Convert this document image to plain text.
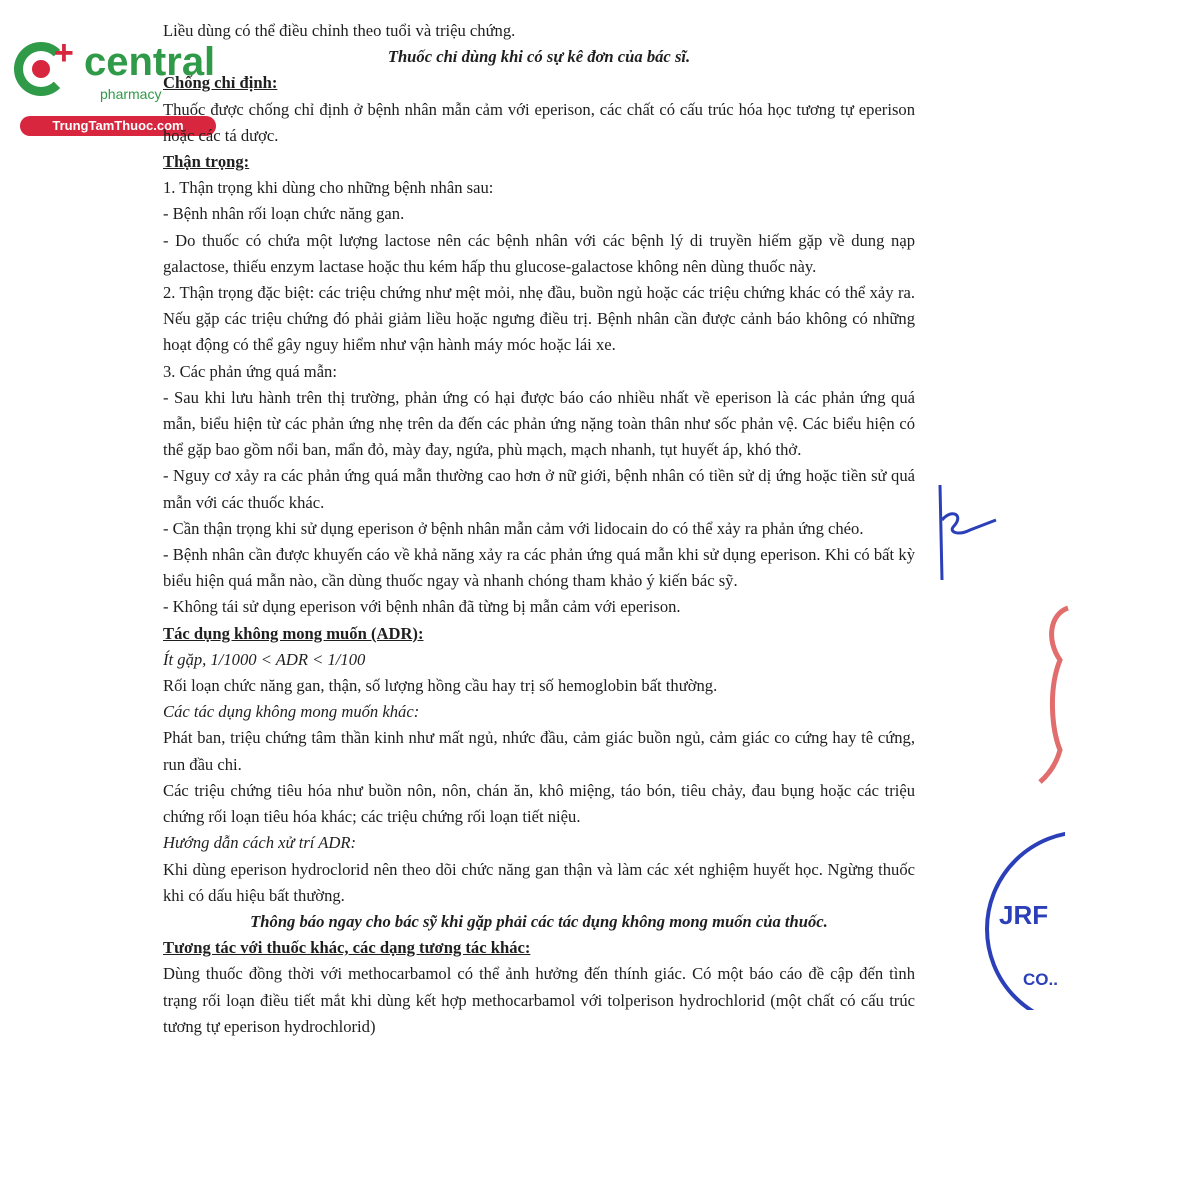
+ central
pharmacy
TrungTamThuoc.com
JRF
CO..

Liều dùng có thể điều chỉnh theo tuổi và triệu chứng.

Thuốc chỉ dùng khi có sự kê đơn của bác sĩ.

Chống chỉ định:

Thuốc được chống chỉ định ở bệnh nhân mẫn cảm với eperison, các chất có cấu trúc hóa học tương tự eperison hoặc các tá dược.

Thận trọng:

1. Thận trọng khi dùng cho những bệnh nhân sau:

- Bệnh nhân rối loạn chức năng gan.

- Do thuốc có chứa một lượng lactose nên các bệnh nhân với các bệnh lý di truyền hiếm gặp về dung nạp galactose, thiếu enzym lactase hoặc thu kém hấp thu glucose-galactose không nên dùng thuốc này.

2. Thận trọng đặc biệt: các triệu chứng như mệt mỏi, nhẹ đầu, buồn ngủ hoặc các triệu chứng khác có thể xảy ra. Nếu gặp các triệu chứng đó phải giảm liều hoặc ngưng điều trị. Bệnh nhân cần được cảnh báo không có những hoạt động có thể gây nguy hiểm như vận hành máy móc hoặc lái xe.

3. Các phản ứng quá mẫn:

- Sau khi lưu hành trên thị trường, phản ứng có hại được báo cáo nhiều nhất về eperison là các phản ứng quá mẫn, biểu hiện từ các phản ứng nhẹ trên da đến các phản ứng nặng toàn thân như sốc phản vệ. Các biểu hiện có thể gặp bao gồm nổi ban, mẩn đỏ, mày đay, ngứa, phù mạch, mạch nhanh, tụt huyết áp, khó thở.

- Nguy cơ xảy ra các phản ứng quá mẫn thường cao hơn ở nữ giới, bệnh nhân có tiền sử dị ứng hoặc tiền sử quá mẫn với các thuốc khác.

- Cần thận trọng khi sử dụng eperison ở bệnh nhân mẫn cảm với lidocain do có thể xảy ra phản ứng chéo.

- Bệnh nhân cần được khuyến cáo về khả năng xảy ra các phản ứng quá mẫn khi sử dụng eperison. Khi có bất kỳ biểu hiện quá mẫn nào, cần dùng thuốc ngay và nhanh chóng tham khảo ý kiến bác sỹ.

- Không tái sử dụng eperison với bệnh nhân đã từng bị mẫn cảm với eperison.

Tác dụng không mong muốn (ADR):

Ít gặp, 1/1000 < ADR < 1/100

Rối loạn chức năng gan, thận, số lượng hồng cầu hay trị số hemoglobin bất thường.

Các tác dụng không mong muốn khác:

Phát ban, triệu chứng tâm thần kinh như mất ngủ, nhức đầu, cảm giác buồn ngủ, cảm giác co cứng hay tê cứng, run đầu chi.

Các triệu chứng tiêu hóa như buồn nôn, nôn, chán ăn, khô miệng, táo bón, tiêu chảy, đau bụng hoặc các triệu chứng rối loạn tiêu hóa khác; các triệu chứng rối loạn tiết niệu.

Hướng dẫn cách xử trí ADR:

Khi dùng eperison hydroclorid nên theo dõi chức năng gan thận và làm các xét nghiệm huyết học. Ngừng thuốc khi có dấu hiệu bất thường.

Thông báo ngay cho bác sỹ khi gặp phải các tác dụng không mong muốn của thuốc.

Tương tác với thuốc khác, các dạng tương tác khác:

Dùng thuốc đồng thời với methocarbamol có thể ảnh hưởng đến thính giác. Có một báo cáo đề cập đến tình trạng rối loạn điều tiết mắt khi dùng kết hợp methocarbamol với tolperison hydrochlorid (một chất có cấu trúc tương tự eperison hydrochlorid)
